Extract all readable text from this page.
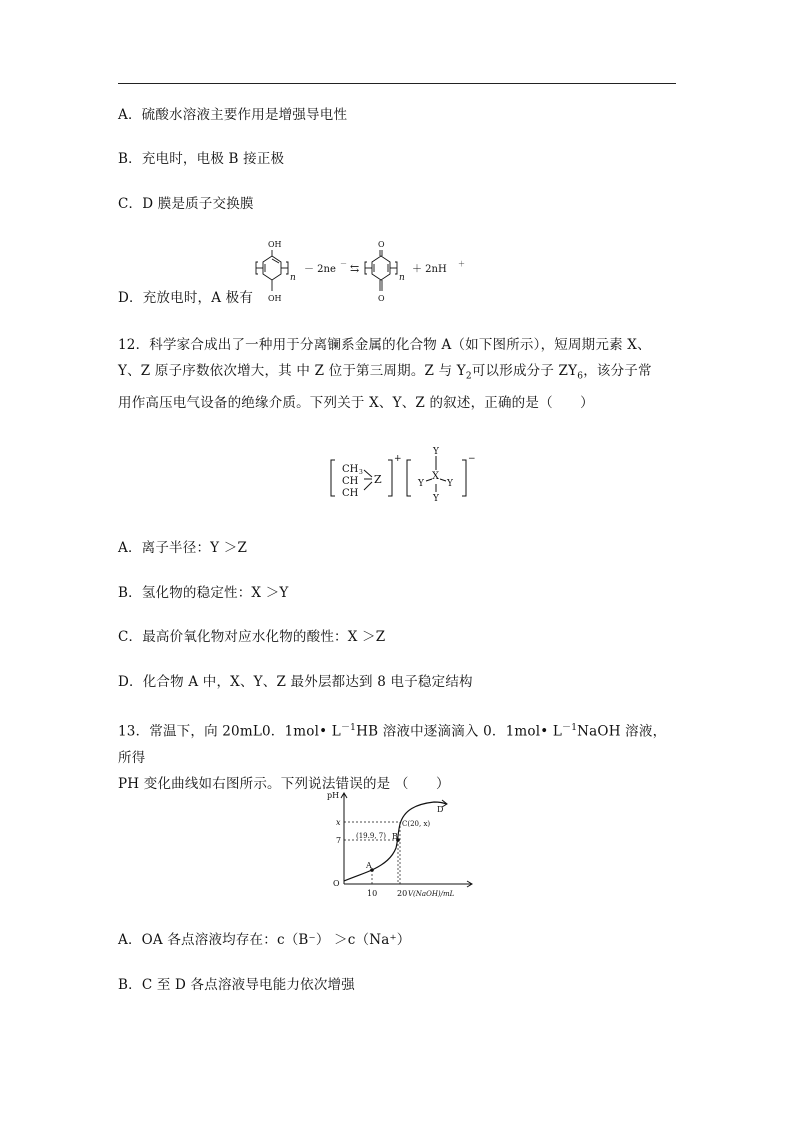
A．硫酸水溶液主要作用是增强导电性
B．充电时，电极 B 接正极
C．D 膜是质子交换膜
D．充放电时，A 极有
OH
OH
n
－ 2ne － ⇆
O
O
n
＋ 2nH ＋
12．科学家合成出了一种用于分离镧系金属的化合物 A（如下图所示），短周期元素 X、
Y、Z 原子序数依次增大，其 中 Z 位于第三周期。Z 与 $Y_2$可以形成分子 $ZY_6$，该分子常
用作高压电气设备的绝缘介质。下列关于 X、Y、Z 的叙述，正确的是（　　）
CH
CH
CH
3
Z
+
Y
X
Y	Y
Y
−
A．离子半径：Y ＞Z
B．氢化物的稳定性：X ＞Y
C．最高价氧化物对应水化物的酸性：X ＞Z
D．化合物 A 中，X、Y、Z 最外层都达到 8 电子稳定结构
13．常温下，向 20mL0．1mol• $L^{-1}HB$ 溶液中逐滴滴入 0．1mol• $L^{-1}NaOH$ 溶液，所得
PH 变化曲线如右图所示。下列说法错误的是 （　　）
pH
x
7
O
10 20 V(NaOH)/mL
A
(19.9, 7) B
C(20, x)
D
A．OA 各点溶液均存在：c（B⁻） ＞c（Na⁺）
B．C 至 D 各点溶液导电能力依次增强
